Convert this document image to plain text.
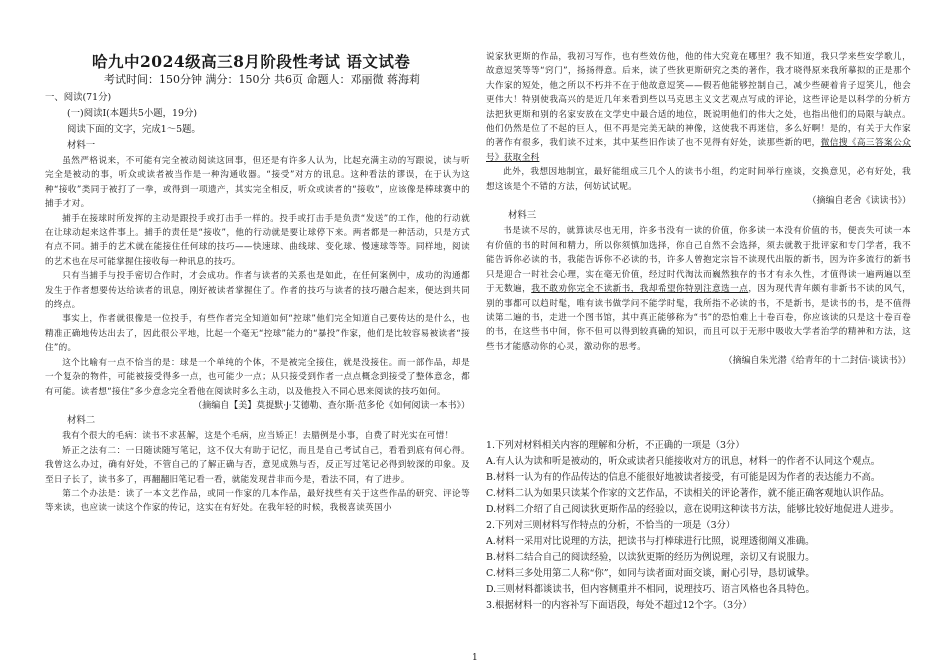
哈九中2024级高三8月阶段性考试 语文试卷
考试时间：150分钟 满分：150分 共6页 命题人：邓丽微 蒋海莉

一、阅读(71分)

(一)阅读I(本题共5小题，19分)

阅读下面的文字，完成1～5题。

材料一

虽然严格说来，不可能有完全被动阅读这回事，但还是有许多人认为，比起充满主动的写跟说，读与听完全是被动的事，听众或读者被当作是一种沟通收器。“接受”对方的讯息。这种看法的谬误，在于认为这种“接收”类同于被打了一拳，或得到一项遗产，其实完全相反，听众或读者的“接收”，应该像是棒球赛中的捕手才对。

捕手在接球时所发挥的主动是跟投手或打击手一样的。投手或打击手是负责“发送”的工作，他的行动就在让球动起来这件事上。捕手的责任是“接收”，他的行动就是要让球停下来。两者都是一种活动，只是方式有点不同。捕手的艺术就在能接住任何球的技巧——快速球、曲线球、变化球、慢速球等等。同样地，阅读的艺术也在尽可能掌握住接收每一种讯息的技巧。

只有当捕手与投手密切合作时，才会成功。作者与读者的关系也是如此，在任何案例中，成功的沟通都发生于作者想要传达给读者的讯息，刚好被读者掌握住了。作者的技巧与读者的技巧融合起来，便达到共同的终点。

事实上，作者就很像是一位投手，有些作者完全知道如何“控球”他们完全知道自己要传达的是什么，也精准正确地传达出去了，因此很公平地，比起一个毫无“控球”能力的“暴投”作家，他们是比较容易被读者“接住”的。

这个比喻有一点不恰当的是：球是一个单纯的个体，不是被完全接住，就是没接住。而一部作品，却是一个复杂的物件，可能被接受得多一点，也可能少一点；从只接受到作者一点点概念到接受了整体意念，都有可能。读者想“接住”多少意念完全看他在阅读时多么主动，以及他投入不同心思来阅读的技巧如何。

（摘编自【美】莫提默·J·艾德勒、查尔斯·范多伦《如何阅读一本书》）

材料二

我有个很大的毛病：读书不求甚解，这是个毛病，应当矫正！去腊例是小事，自费了时光实在可惜！

矫正之法有二：一曰随读随写笔记，这不仅大有助于记忆，而且是自己考试自己，看看到底有何心得。我曾这么办过，确有好处，不管自己的了解正确与否，意见成熟与否，反正写过笔记必得到较深的印象。及至日子长了，读书多了，再翻翻旧笔记看一看，就能发现昔非而今是，看法不同，有了进步。

第二个办法是：读了一本文艺作品，或同一作家的几本作品，最好找些有关于这些作品的研究、评论等等来读，也应读一读这个作家的传记，这实在有好处。在我年轻的时候，我极喜读英国小

说家狄更斯的作品，我初习写作，也有些效仿他，他的伟大究竟在哪里？我不知道，我只学来些安学歌儿，故意逗笑等等“窍门”，扬扬得意。后来，读了些狄更斯研究之类的著作，我才晓得原来我所摹拟的正是那个大作家的短处，他之所以不朽并不在于他故意逗笑——假若他能够控制自己，减少些硬着肯子逗笑儿，他会更伟大！特别使我高兴的是近几年来看到些以马克思主义文艺观点写成的评论，这些评论是以科学的分析方法把狄更斯和别的名家安放在文学史中最合适的地位，既说明他们的伟大之处，也指出他们的局限与缺点。他们仍然是位了不起的巨人，但不再是完美无缺的神像，这使我不再迷信，多么好啊！是的，有关于大作家的著作有很多，我们读不过来，其中某些旧作读了也不见得有好处，读那些新的吧，微信搜《高三答案公众号》获取全科

此外，我想因地制宜，最好能组成三几个人的读书小组，约定时间举行座谈，交换意见，必有好处，我想这该是个不错的方法，何妨试试呢。

（摘编自老舍《读读书》）

材料三

书是读不尽的，就算读尽也无用，许多书没有一读的价值，你多读一本没有价值的书，便丧失可读一本有价值的书的时间和精力，所以你须慎加选择，你自己自然不会选择，须去就教于批评家和专门学者，我不能告诉你必读的书，我能告诉你不必读的书，许多人曾抱定宗旨不读现代出版的新书，因为许多流行的新书只是迎合一时社会心理，实在毫无价值，经过时代淘汰而巍然独存的书才有永久性，才值得读一遍两遍以至于无数遍，我不敢劝你完全不读新书，我却希望你特别注意选一点，因为现代青年颇有非新书不读的风气，别的事都可以趋时髦，唯有读书做学问不能学时髦，我所指不必读的书，不是新书，是读书的书，是不值得读第二遍的书，走进一个图书馆，其中真正能够称为“书”的恐怕难上十卷百卷，你应该读的只是这十卷百卷的书，在这些书中间，你不但可以得到较真确的知识，而且可以于无形中吸收大学者治学的精神和方法，这些书才能感动你的心灵，激动你的思考。

（摘编自朱光潜《给青年的十二封信·谈读书》）

1.下列对材料相关内容的理解和分析，不正确的一项是（3分）

A.有人认为读和听是被动的，听众或读者只能接收对方的讯息，材料一的作者不认同这个观点。

B.材料一认为有的作品传达的信息不能很好地被读者接受，有可能是因为作者的表达能力不高。

C.材料二认为如果只读某个作家的文艺作品，不读相关的评论著作，就不能正确客观地认识作品。

D.材料二介绍了自己阅读狄更斯作品的经验以，意在说明这种读书方法，能够比较好地促进人进步。

2.下列对三则材料写作特点的分析，不恰当的一项是（3分）

A.材料一采用对比说理的方法，把读书与打棒球进行比照，说理透彻阐义准确。

B.材料二结合自己的阅读经验，以读狄更斯的经历为例说理，亲切又有说服力。

C.材料三多处用第二人称“你”，如同与读者面对面交谈，耐心引导，恳切诚挚。

D.三则材料都谈读书，但内容侧重并不相同，说理技巧、语言风格也各具特色。

3.根据材料一的内容补写下面语段，每处不超过12个字。（3分）

1
